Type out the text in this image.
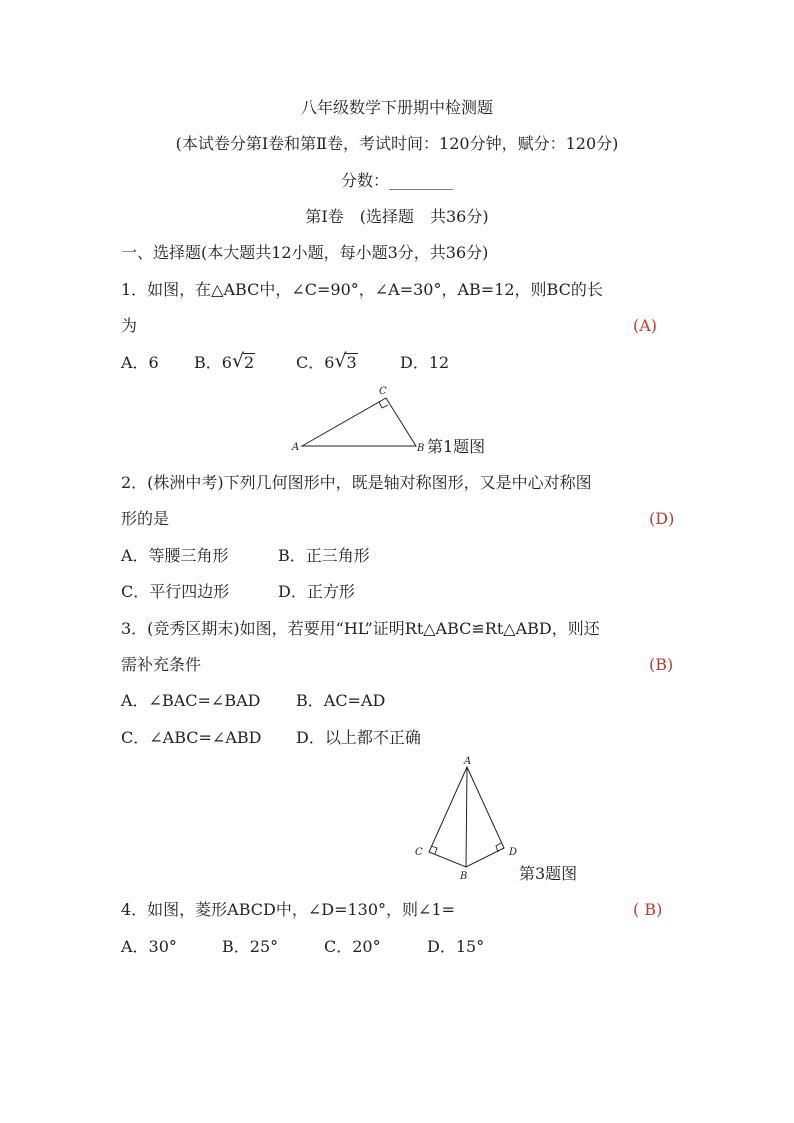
八年级数学下册期中检测题
(本试卷分第Ⅰ卷和第Ⅱ卷，考试时间：120分钟，赋分：120分)
分数：________
第Ⅰ卷　(选择题　共36分)
一、选择题(本大题共12小题，每小题3分，共36分)
1．如图，在△ABC中，∠C=90°，∠A=30°，AB=12，则BC的长
为	(A)
A．6 B．6 √ 2	C．6 √ 3	D．12
A
C
B 第1题图
2．(株洲中考)下列几何图形中，既是轴对称图形，又是中心对称图
形的是	(D)
A．等腰三角形	B．正三角形
C．平行四边形	D．正方形
3．(竞秀区期末)如图，若要用“HL”证明Rt△ABC≌Rt△ABD，则还
需补充条件	(B)
A．∠BAC=∠BAD B．AC=AD
C．∠ABC=∠ABD D．以上都不正确
A
C
B
D
第3题图
4．如图，菱形ABCD中，∠D=130°，则∠1=	( B)
A．30°	B．25°	C．20°	D．15°
